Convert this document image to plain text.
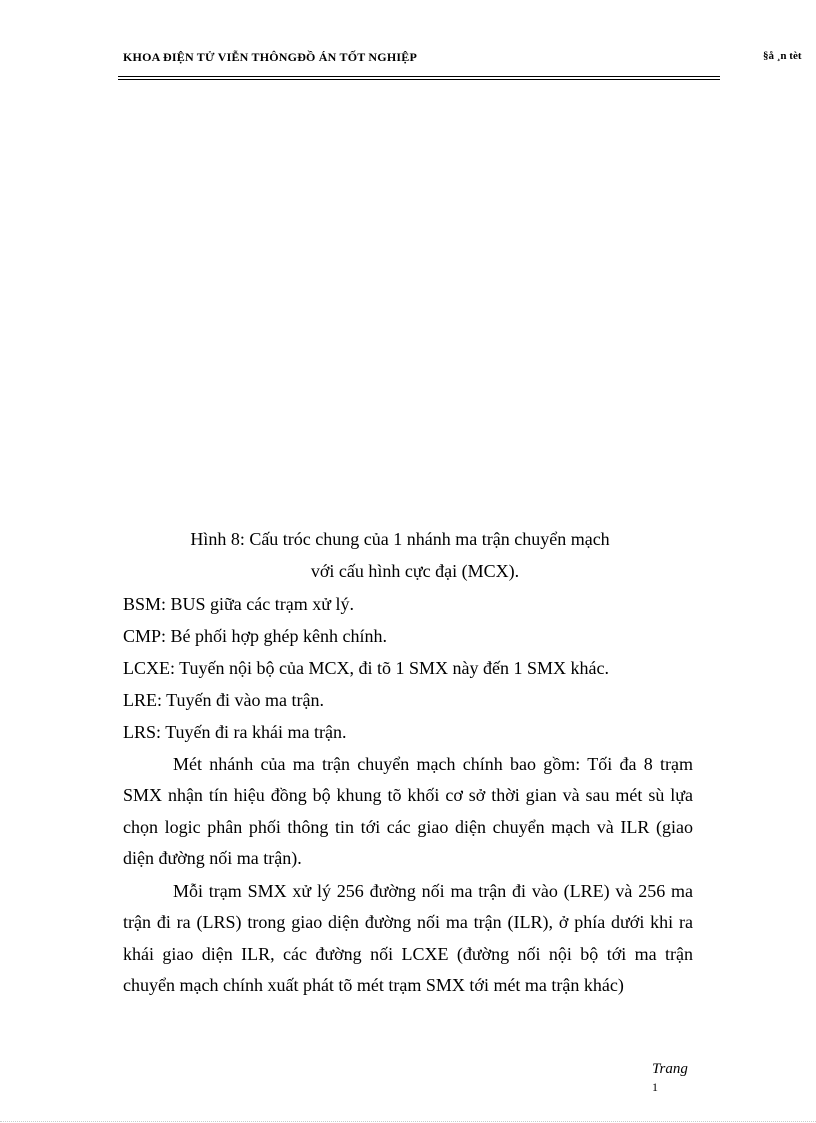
KHOA ĐIỆN TỬ VIỄN THÔNGĐỒ ÁN TỐT NGHIỆP	§å ¸n tèt
Hình 8: Cấu tróc chung của 1 nhánh ma trận chuyển mạch
với cấu hình cực đại (MCX).
BSM: BUS giữa các trạm xử lý.
CMP: Bé phối hợp ghép kênh chính.
LCXE: Tuyến nội bộ của MCX, đi tõ 1 SMX này đến 1 SMX khác.
LRE: Tuyến đi vào ma trận.
LRS: Tuyến đi ra khái ma trận.
Mét nhánh của ma trận chuyển mạch chính bao gồm: Tối đa 8 trạm SMX nhận tín hiệu đồng bộ khung tõ khối cơ sở thời gian và sau mét sù lựa chọn logic phân phối thông tin tới các giao diện chuyển mạch và ILR (giao diện đường nối ma trận).
Mỗi trạm SMX xử lý 256 đường nối ma trận đi vào (LRE) và 256 ma trận đi ra (LRS) trong giao diện đường nối ma trận (ILR), ở phía dưới khi ra khái giao diện ILR, các đường nối LCXE (đường nối nội bộ tới ma trận chuyển mạch chính xuất phát tõ mét trạm SMX tới mét ma trận khác)
Trang
1
